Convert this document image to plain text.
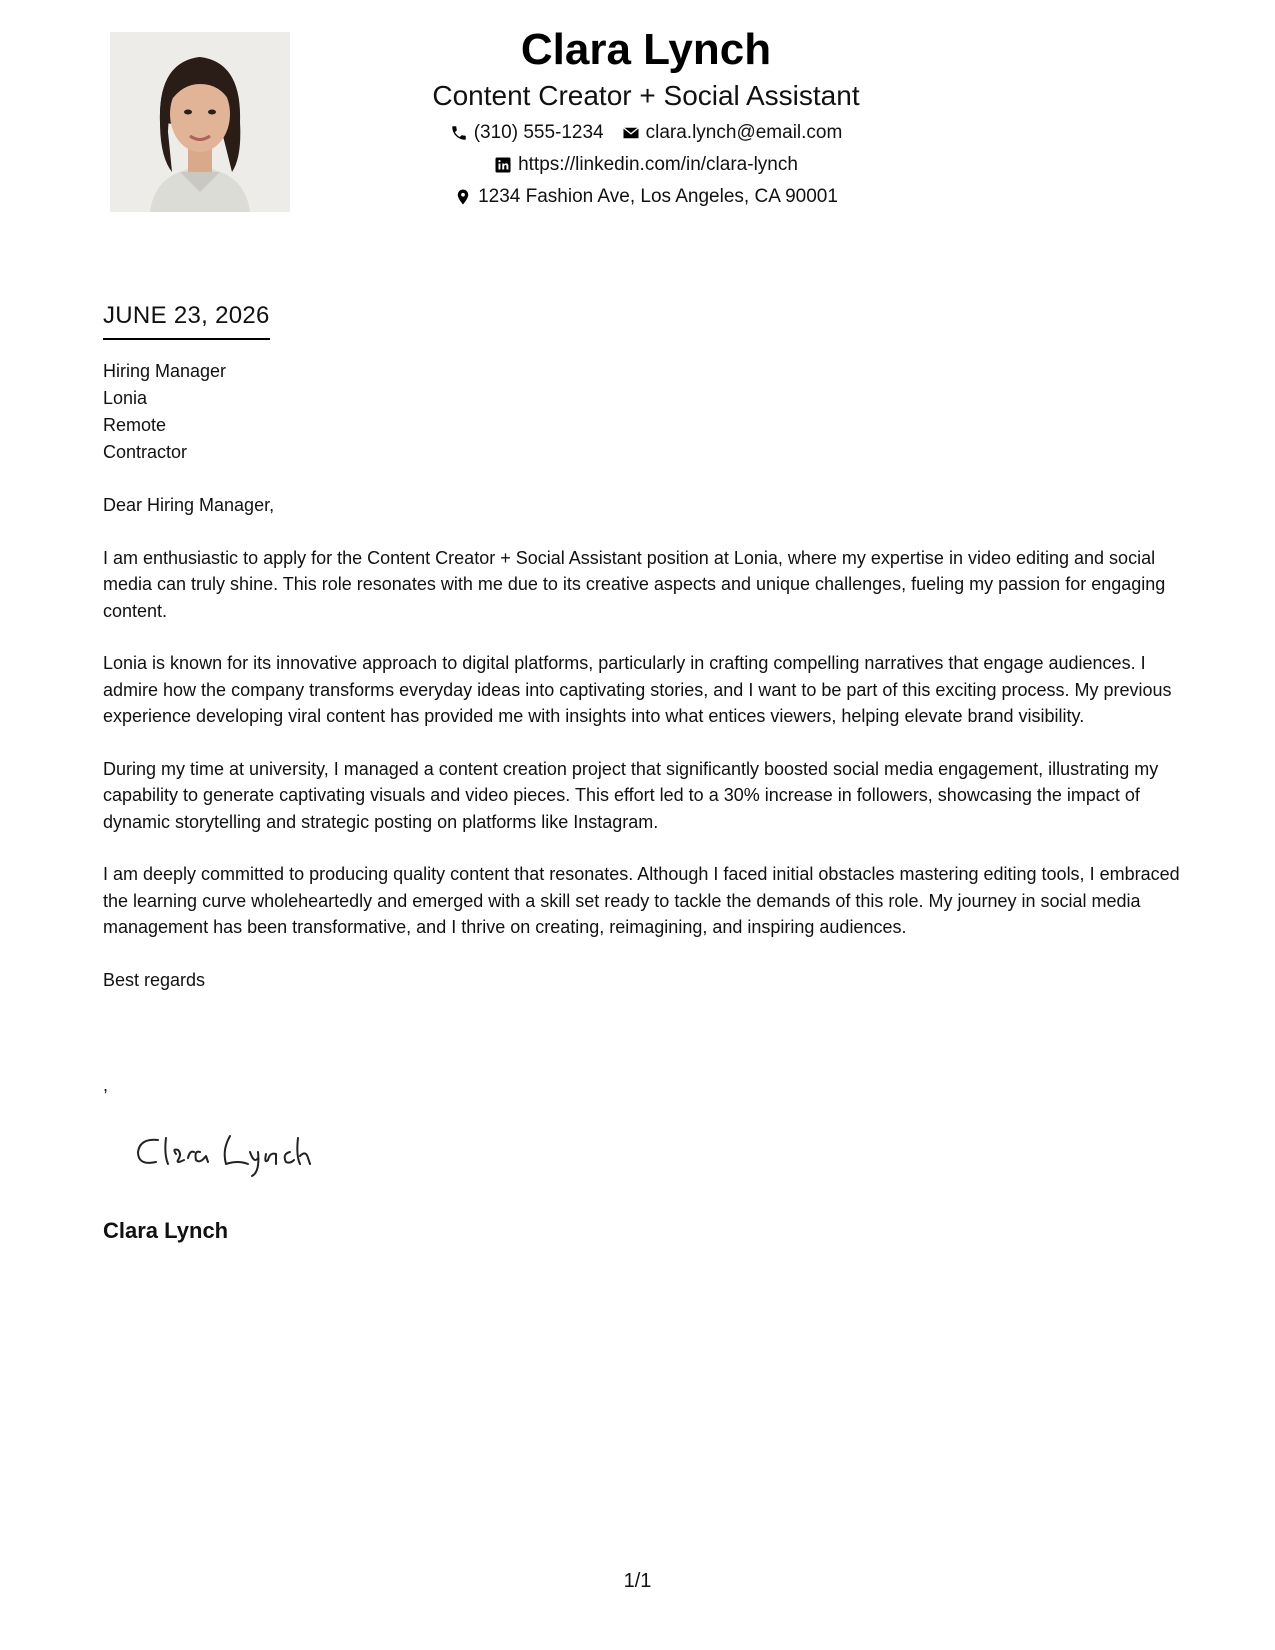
Clara Lynch
Content Creator + Social Assistant
(310) 555-1234 clara.lynch@email.com
https://linkedin.com/in/clara-lynch
1234 Fashion Ave, Los Angeles, CA 90001
JUNE 23, 2026
Hiring Manager
Lonia
Remote
Contractor

Dear Hiring Manager,

I am enthusiastic to apply for the Content Creator + Social Assistant position at Lonia, where my expertise in video editing and social media can truly shine. This role resonates with me due to its creative aspects and unique challenges, fueling my passion for engaging content.

Lonia is known for its innovative approach to digital platforms, particularly in crafting compelling narratives that engage audiences. I admire how the company transforms everyday ideas into captivating stories, and I want to be part of this exciting process. My previous experience developing viral content has provided me with insights into what entices viewers, helping elevate brand visibility.

During my time at university, I managed a content creation project that significantly boosted social media engagement, illustrating my capability to generate captivating visuals and video pieces. This effort led to a 30% increase in followers, showcasing the impact of dynamic storytelling and strategic posting on platforms like Instagram.

I am deeply committed to producing quality content that resonates. Although I faced initial obstacles mastering editing tools, I embraced the learning curve wholeheartedly and emerged with a skill set ready to tackle the demands of this role. My journey in social media management has been transformative, and I thrive on creating, reimagining, and inspiring audiences.

Best regards

,
Clara Lynch
1/1
